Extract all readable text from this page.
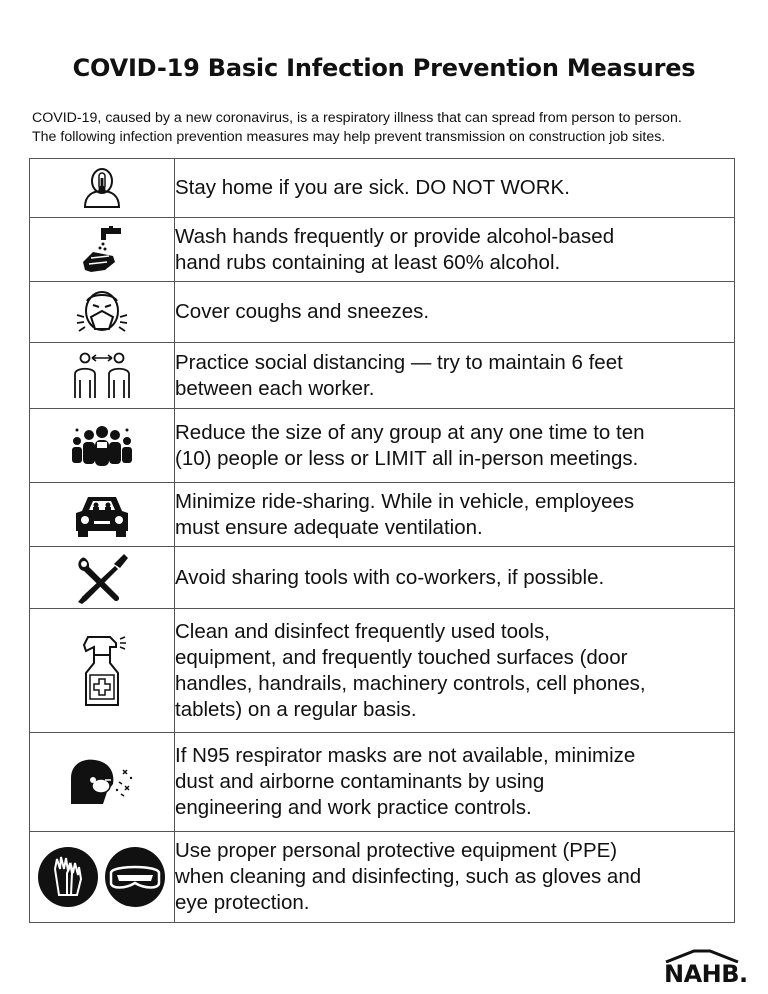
COVID-19 Basic Infection Prevention Measures
COVID-19, caused by a new coronavirus, is a respiratory illness that can spread from person to person.
The following infection prevention measures may help prevent transmission on construction job sites.

Stay home if you are sick. DO NOT WORK.

Wash hands frequently or provide alcohol-based
hand rubs containing at least 60% alcohol.

Cover coughs and sneezes.

Practice social distancing — try to maintain 6 feet
between each worker.

Reduce the size of any group at any one time to ten
(10) people or less or LIMIT all in-person meetings.

Minimize ride-sharing. While in vehicle, employees
must ensure adequate ventilation.

Avoid sharing tools with co-workers, if possible.

Clean and disinfect frequently used tools,
equipment, and frequently touched surfaces (door
handles, handrails, machinery controls, cell phones,
tablets) on a regular basis.

If N95 respirator masks are not available, minimize
dust and airborne contaminants by using
engineering and work practice controls.

Use proper personal protective equipment (PPE)
when cleaning and disinfecting, such as gloves and
eye protection.
NAHB.
